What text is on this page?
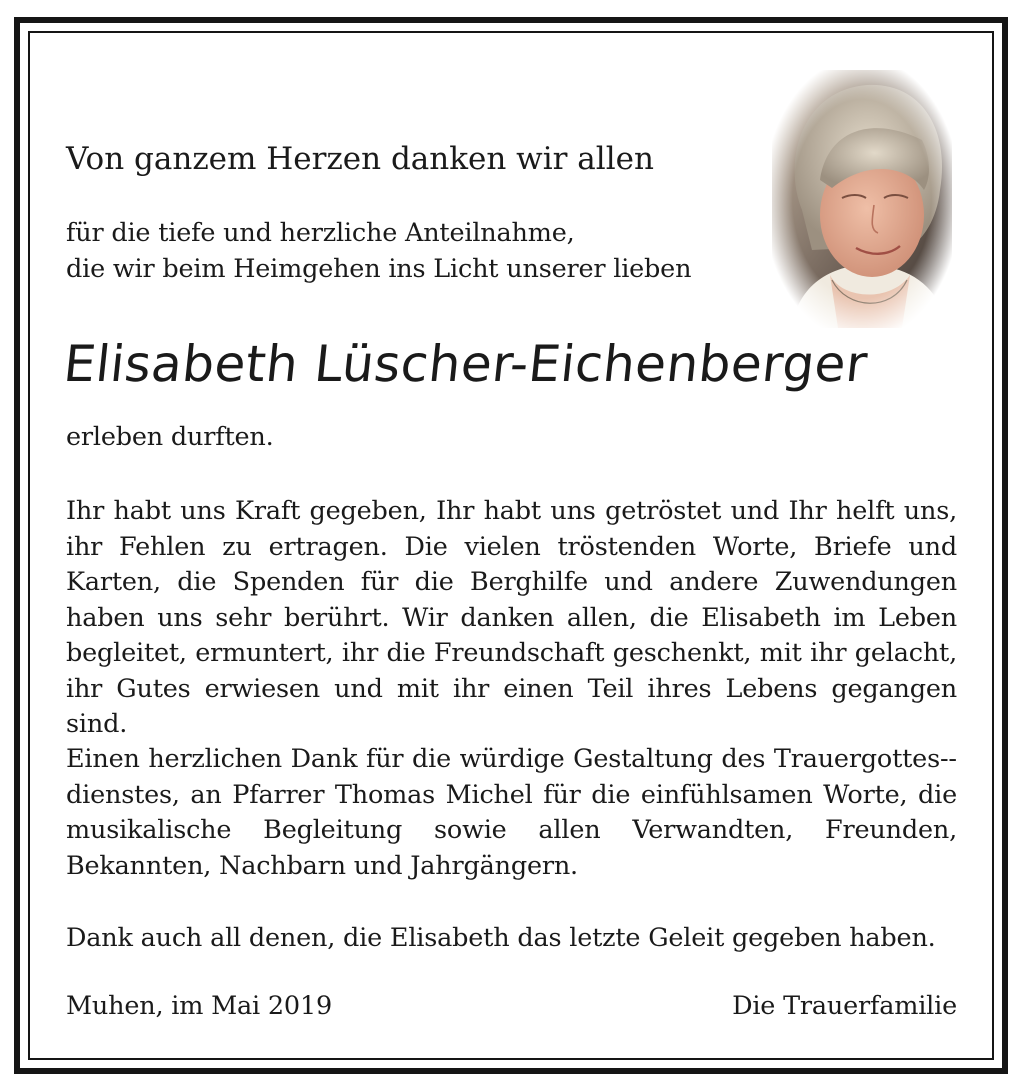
Von ganzem Herzen danken wir allen

für die tiefe und herzliche Anteilnahme,
die wir beim Heimgehen ins Licht unserer lieben
Elisabeth Lüscher-Eichenberger

erleben durften.

Ihr habt uns Kraft gegeben, Ihr habt uns getröstet und Ihr helft uns, ihr Fehlen zu ertragen. Die vielen tröstenden Worte, Briefe und Karten, die Spenden für die Berghilfe und andere Zuwendungen haben uns sehr berührt. Wir danken allen, die Elisabeth im Leben begleitet, ermuntert, ihr die Freundschaft geschenkt, mit ihr gelacht, ihr Gutes erwiesen und mit ihr einen Teil ihres Lebens gegangen sind.

Einen herzlichen Dank für die würdige Gestaltung des Trauergottes-dienstes, an Pfarrer Thomas Michel für die einfühlsamen Worte, die musikalische Begleitung sowie allen Verwandten, Freunden, Bekannten, Nachbarn und Jahrgängern.

Dank auch all denen, die Elisabeth das letzte Geleit gegeben haben.

Muhen, im Mai 2019	Die Trauerfamilie
